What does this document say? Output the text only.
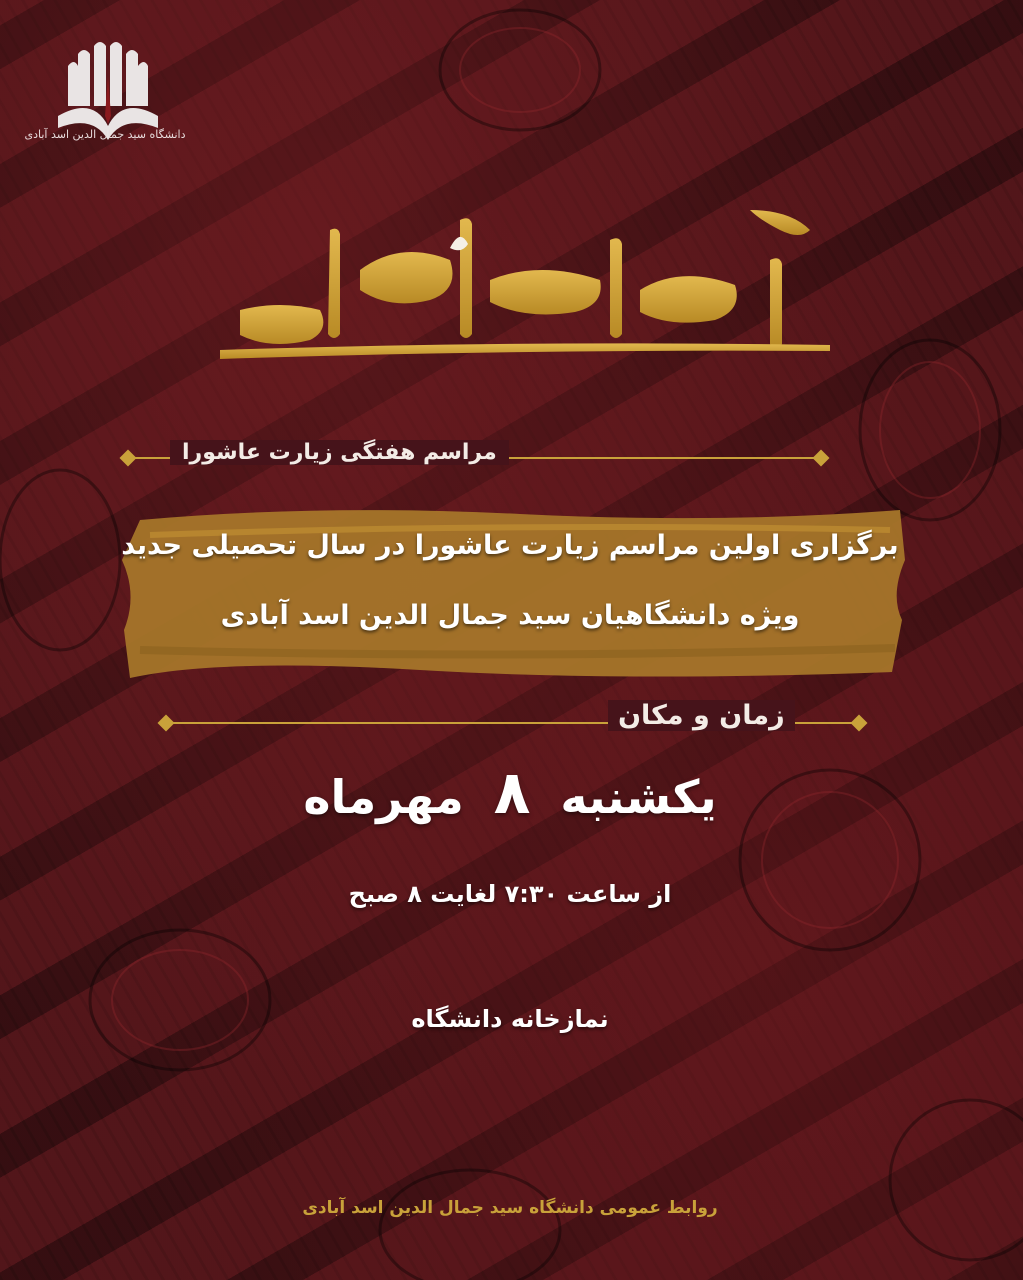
دانشگاه سید جمال الدین اسد آبادی
مراسم هفتگی زیارت عاشورا
برگزاری اولین مراسم زیارت عاشورا در سال تحصیلی جدید
ویژه دانشگاهیان سید جمال الدین اسد آبادی
زمان و مکان
یکشنبه ۸ مهرماه
از ساعت ۷:۳۰ لغایت ۸ صبح
نمازخانه دانشگاه
روابط عمومی دانشگاه سید جمال الدین اسد آبادی
